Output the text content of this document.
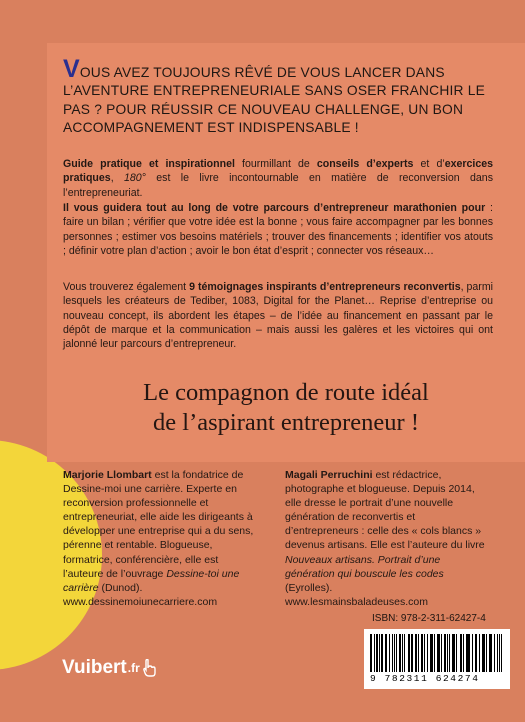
VOUS AVEZ TOUJOURS RÊVÉ DE VOUS LANCER DANS L’AVENTURE ENTREPRENEURIALE SANS OSER FRANCHIR LE PAS ? POUR RÉUSSIR CE NOUVEAU CHALLENGE, UN BON ACCOMPAGNEMENT EST INDISPENSABLE !
Guide pratique et inspirationnel fourmillant de conseils d’experts et d’exercices pratiques, 180° est le livre incontournable en matière de reconversion dans l’entrepreneuriat.
Il vous guidera tout au long de votre parcours d’entrepreneur marathonien pour : faire un bilan ; vérifier que votre idée est la bonne ; vous faire accompagner par les bonnes personnes ; estimer vos besoins matériels ; trouver des financements ; identifier vos atouts ; définir votre plan d’action ; avoir le bon état d’esprit ; connecter vos réseaux…
Vous trouverez également 9 témoignages inspirants d’entrepreneurs reconvertis, parmi lesquels les créateurs de Tediber, 1083, Digital for the Planet… Reprise d’entreprise ou nouveau concept, ils abordent les étapes – de l’idée au financement en passant par le dépôt de marque et la communication – mais aussi les galères et les victoires qui ont jalonné leur parcours d’entrepreneur.
Le compagnon de route idéal
de l’aspirant entrepreneur !
Marjorie Llombart est la fondatrice de Dessine-moi une carrière. Experte en reconversion professionnelle et entrepreneuriat, elle aide les dirigeants à développer une entreprise qui a du sens, pérenne et rentable. Blogueuse, formatrice, conférencière, elle est l’auteure de l’ouvrage Dessine-toi une carrière (Dunod).
www.dessinemoiunecarriere.com
Magali Perruchini est rédactrice, photographe et blogueuse. Depuis 2014, elle dresse le portrait d’une nouvelle génération de reconvertis et d’entrepreneurs : celle des « cols blancs » devenus artisans. Elle est l’auteure du livre Nouveaux artisans. Portrait d’une génération qui bouscule les codes (Eyrolles).
www.lesmainsbaladeuses.com
ISBN: 978-2-311-62427-4
9 782311 624274
Vuibert .fr
